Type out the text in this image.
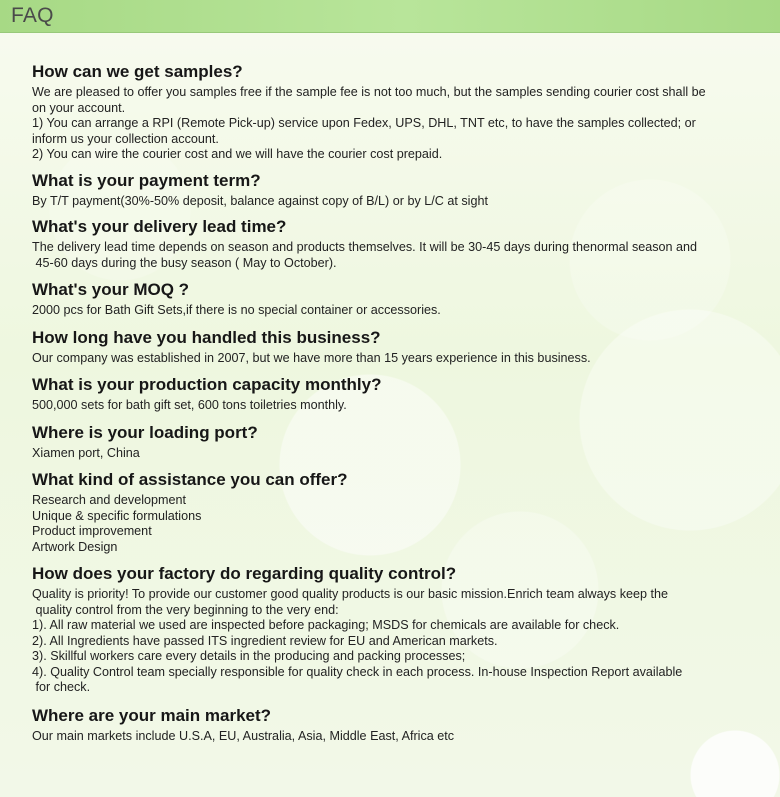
FAQ
How can we get samples?
We are pleased to offer you samples free if the sample fee is not too much, but the samples sending courier cost shall be
on your account.
1) You can arrange a RPI (Remote Pick-up) service upon Fedex, UPS, DHL, TNT etc, to have the samples collected; or
inform us your collection account.
2) You can wire the courier cost and we will have the courier cost prepaid.
What is your payment term?
By T/T payment(30%-50% deposit, balance against copy of B/L) or by L/C at sight
What's your delivery lead time?
The delivery lead time depends on season and products themselves. It will be 30-45 days during thenormal season and
45-60 days during the busy season ( May to October).
What's your MOQ ?
2000 pcs for Bath Gift Sets,if there is no special container or accessories.
How long have you handled this business?
Our company was established in 2007, but we have more than 15 years experience in this business.
What is your production capacity monthly?
500,000 sets for bath gift set, 600 tons toiletries monthly.
Where is your loading port?
Xiamen port, China
What kind of assistance you can offer?
Research and development
Unique & specific formulations
Product improvement
Artwork Design
How does your factory do regarding quality control?
Quality is priority! To provide our customer good quality products is our basic mission.Enrich team always keep the
quality control from the very beginning to the very end:
1). All raw material we used are inspected before packaging; MSDS for chemicals are available for check.
2). All Ingredients have passed ITS ingredient review for EU and American markets.
3). Skillful workers care every details in the producing and packing processes;
4). Quality Control team specially responsible for quality check in each process. In-house Inspection Report available
for check.
Where are your main market?
Our main markets include U.S.A, EU, Australia, Asia, Middle East, Africa etc
